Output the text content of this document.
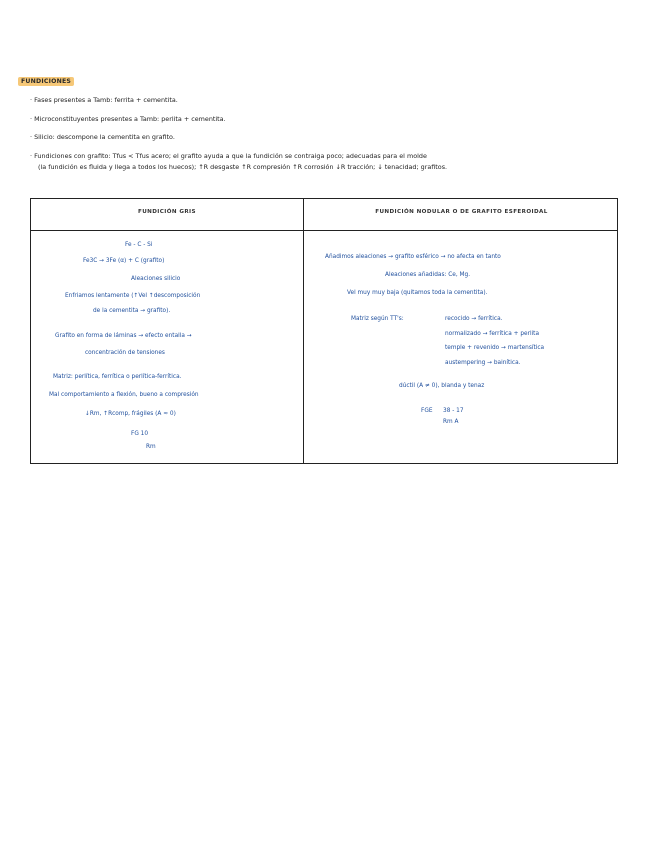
FUNDICIONES
· Fases presentes a Tamb: ferrita + cementita.
· Microconstituyentes presentes a Tamb: perlita + cementita.
· Silicio: descompone la cementita en grafito.
· Fundiciones con grafito: Tfus < Tfus acero; el grafito ayuda a que la fundición se contraiga poco; adecuadas para el molde
(la fundición es fluida y llega a todos los huecos); ↑R desgaste ↑R compresión ↑R corrosión ↓R tracción; ↓ tenacidad; grafitos.
FUNDICIÓN GRIS	FUNDICIÓN NODULAR O DE GRAFITO ESFEROIDAL
Fe - C - Si
Fe3C → 3Fe (α) + C (grafito)
Aleaciones silicio
Enfriamos lentamente (↑Vel ↑descomposición
de la cementita → grafito).
Grafito en forma de láminas → efecto entalla →
concentración de tensiones
Matriz: perlítica, ferrítica o perlítica-ferrítica.
Mal comportamiento a flexión, bueno a compresión
↓Rm, ↑Rcomp, frágiles (A ≈ 0)
FG 10
Rm
Añadimos aleaciones → grafito esférico → no afecta en tanto
Aleaciones añadidas: Ce, Mg.
Vel muy muy baja (quitamos toda la cementita).
Matriz según TT's:	recocido → ferrítica.
normalizado → ferrítica + perlita
temple + revenido → martensítica
austempering → bainítica.
dúctil (A ≠ 0), blanda y tenaz
FGE 38 - 17
Rm A
